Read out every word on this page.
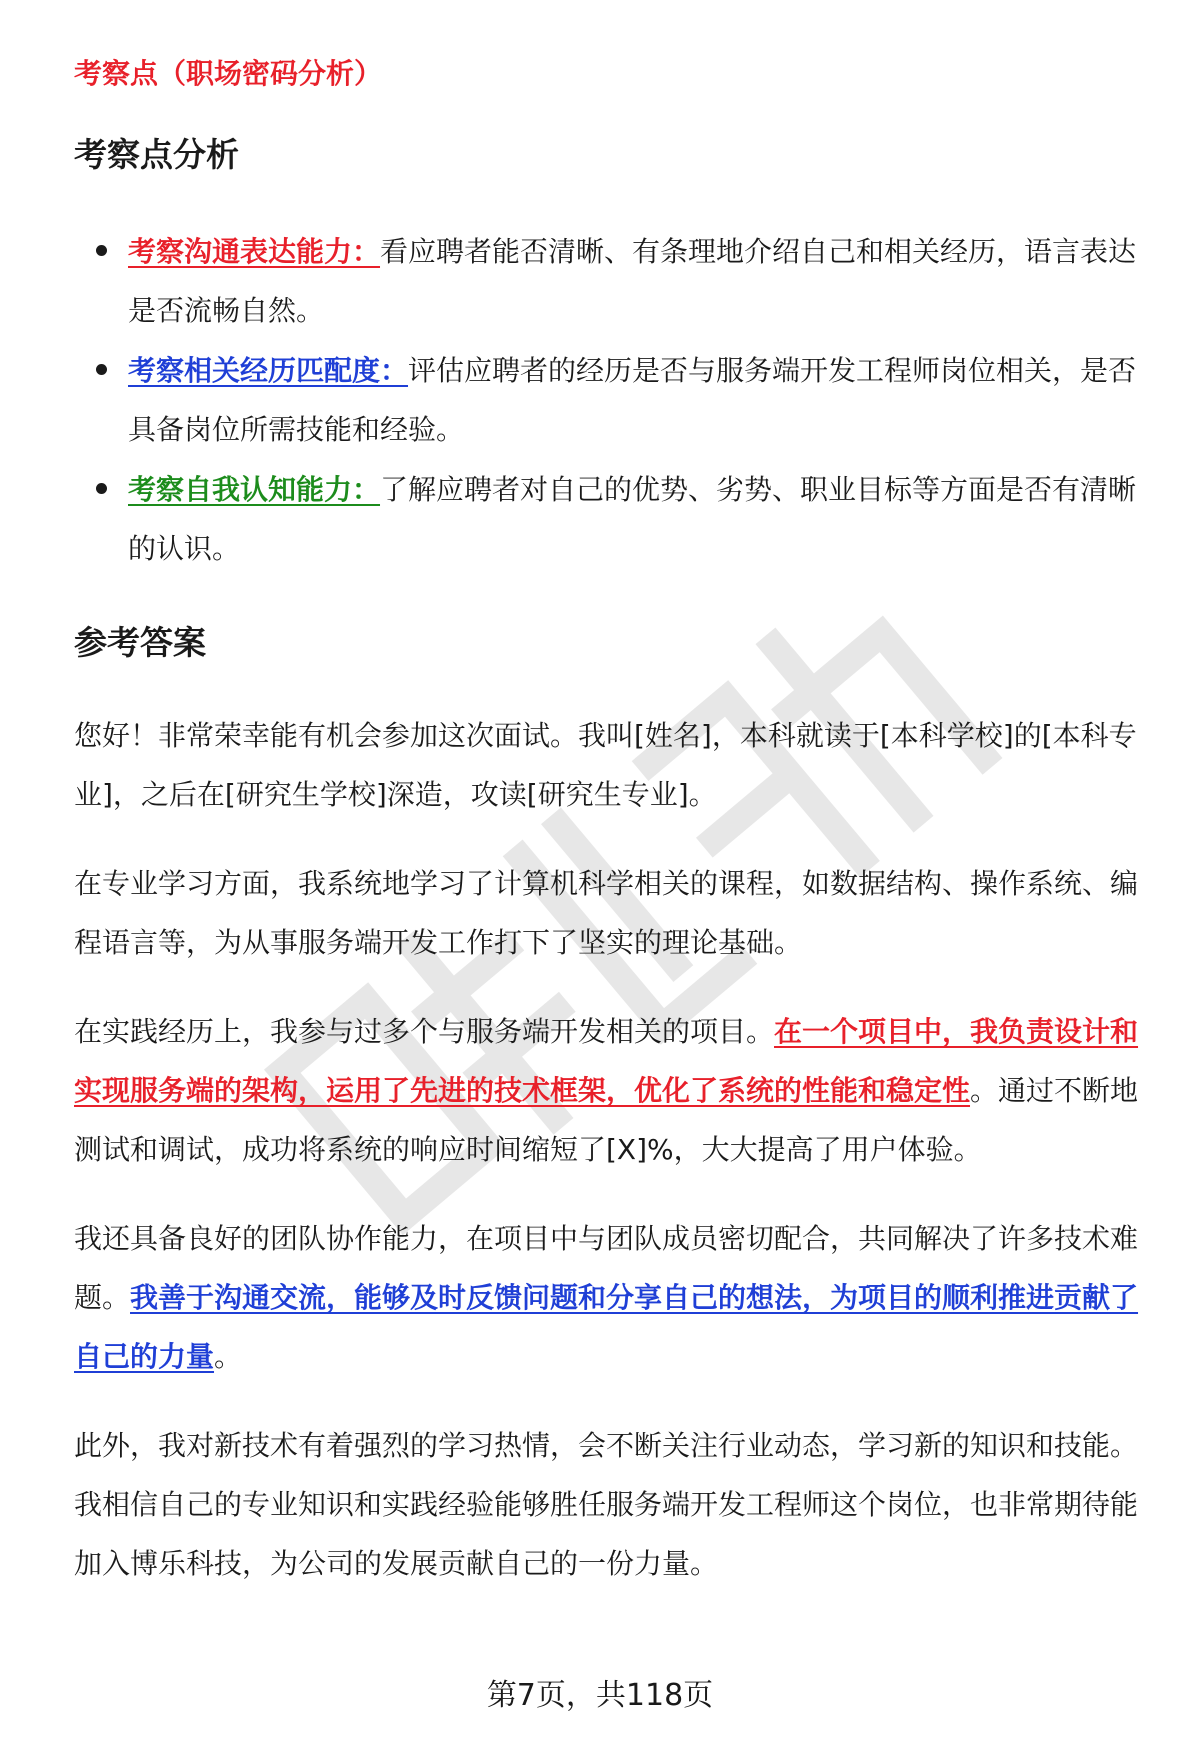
考察点（职场密码分析）
考察点分析
考察沟通表达能力：看应聘者能否清晰、有条理地介绍自己和相关经历，语言表达是否流畅自然。
考察相关经历匹配度：评估应聘者的经历是否与服务端开发工程师岗位相关，是否具备岗位所需技能和经验。
考察自我认知能力：了解应聘者对自己的优势、劣势、职业目标等方面是否有清晰的认识。
参考答案

您好！非常荣幸能有机会参加这次面试。我叫[姓名]，本科就读于[本科学校]的[本科专业]，之后在[研究生学校]深造，攻读[研究生专业]。

在专业学习方面，我系统地学习了计算机科学相关的课程，如数据结构、操作系统、编程语言等，为从事服务端开发工作打下了坚实的理论基础。

在实践经历上，我参与过多个与服务端开发相关的项目。在一个项目中，我负责设计和实现服务端的架构，运用了先进的技术框架，优化了系统的性能和稳定性。通过不断地测试和调试，成功将系统的响应时间缩短了[X]%，大大提高了用户体验。

我还具备良好的团队协作能力，在项目中与团队成员密切配合，共同解决了许多技术难题。我善于沟通交流，能够及时反馈问题和分享自己的想法，为项目的顺利推进贡献了自己的力量。

此外，我对新技术有着强烈的学习热情，会不断关注行业动态，学习新的知识和技能。我相信自己的专业知识和实践经验能够胜任服务端开发工程师这个岗位，也非常期待能加入博乐科技，为公司的发展贡献自己的一份力量。

第7页，共118页
